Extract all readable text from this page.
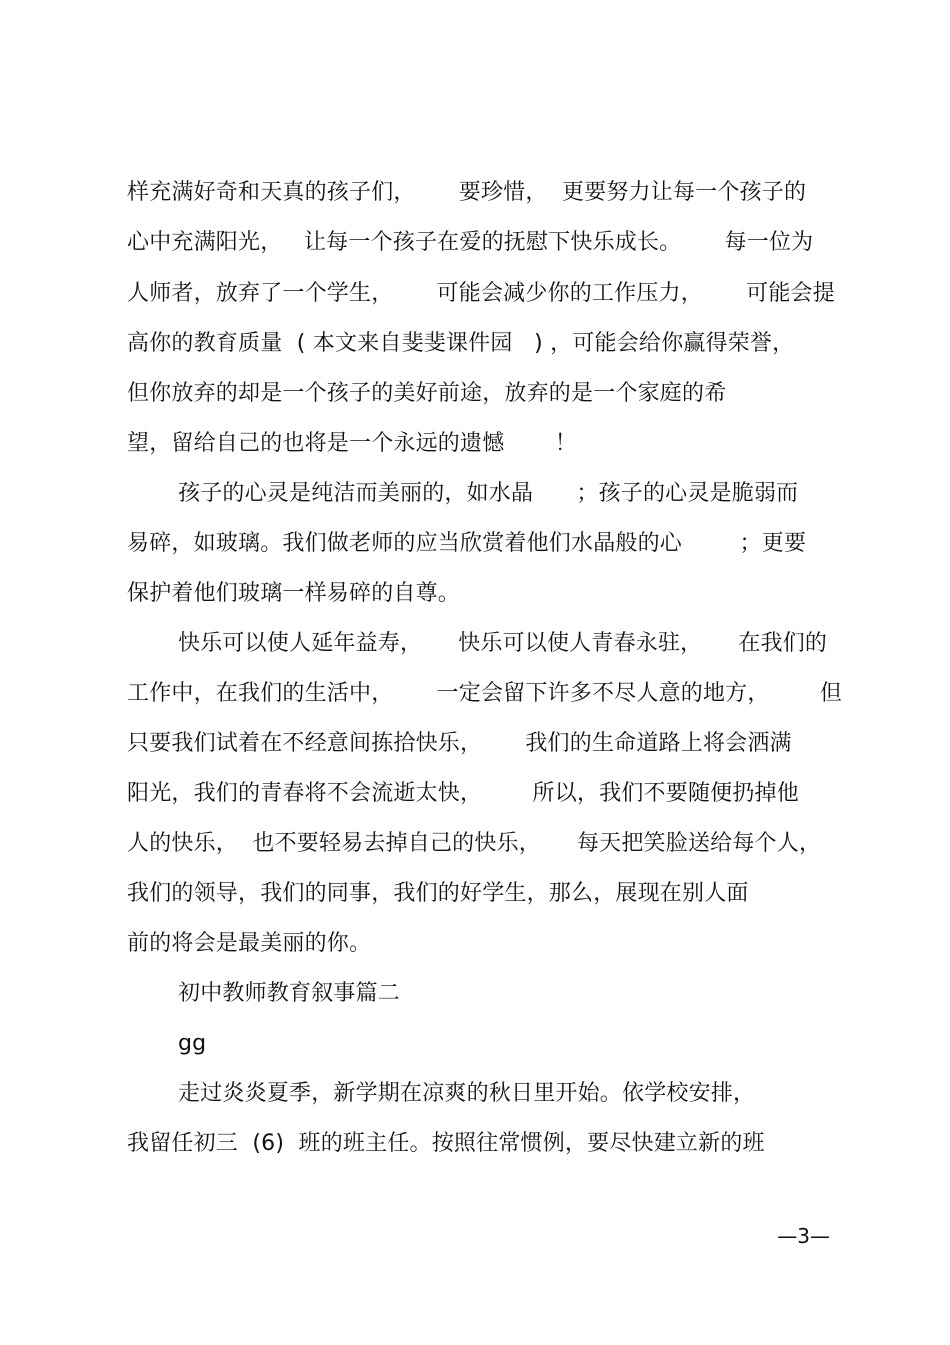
样充满好奇和天真的孩子们，      要珍惜，  更要努力让每一个孩子的
心中充满阳光，   让每一个孩子在爱的抚慰下快乐成长。      每一位为
人师者，放弃了一个学生，      可能会减少你的工作压力，      可能会提
高你的教育质量  ( 本文来自斐斐课件园   ) ，可能会给你赢得荣誉，
但你放弃的却是一个孩子的美好前途，放弃的是一个家庭的希
望，留给自己的也将是一个永远的遗憾       ！
孩子的心灵是纯洁而美丽的，如水晶      ；孩子的心灵是脆弱而
易碎，如玻璃。我们做老师的应当欣赏着他们水晶般的心        ；更要
保护着他们玻璃一样易碎的自尊。
快乐可以使人延年益寿，     快乐可以使人青春永驻，     在我们的
工作中，在我们的生活中，      一定会留下许多不尽人意的地方，       但
只要我们试着在不经意间拣拾快乐，      我们的生命道路上将会洒满
阳光，我们的青春将不会流逝太快，       所以，我们不要随便扔掉他
人的快乐，  也不要轻易去掉自己的快乐，     每天把笑脸送给每个人，
我们的领导，我们的同事，我们的好学生，那么，展现在别人面
前的将会是最美丽的你。
初中教师教育叙事篇二
gg
走过炎炎夏季，新学期在凉爽的秋日里开始。依学校安排，
我留任初三  (6)  班的班主任。按照往常惯例，要尽快建立新的班
—3—
